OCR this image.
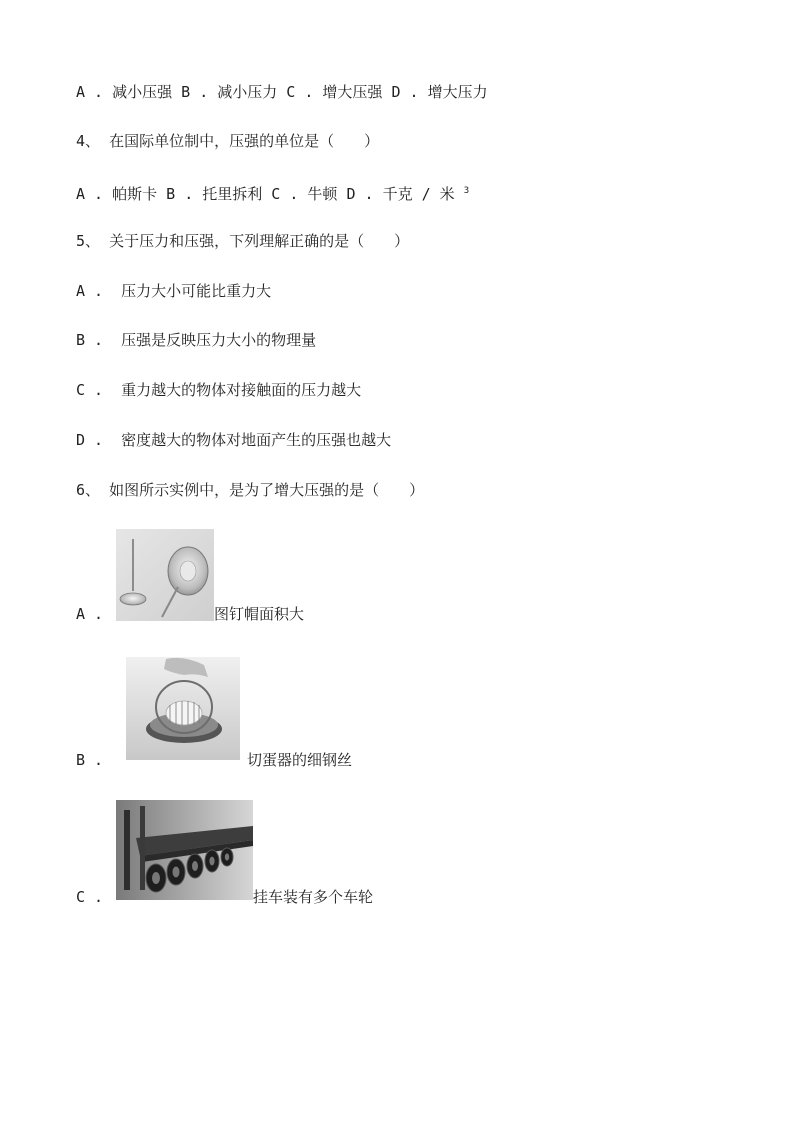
A . 减小压强 B . 减小压力 C . 增大压强 D . 增大压力
4、 在国际单位制中，压强的单位是（　　）
A . 帕斯卡 B . 托里拆利 C . 牛顿 D . 千克 / 米 $^3$
5、 关于压力和压强，下列理解正确的是（　　）
A . 压力大小可能比重力大
B . 压强是反映压力大小的物理量
C . 重力越大的物体对接触面的压力越大
D . 密度越大的物体对地面产生的压强也越大
6、 如图所示实例中，是为了增大压强的是（　　）
A .	图钉帽面积大
B .	切蛋器的细钢丝
C .	挂车装有多个车轮
